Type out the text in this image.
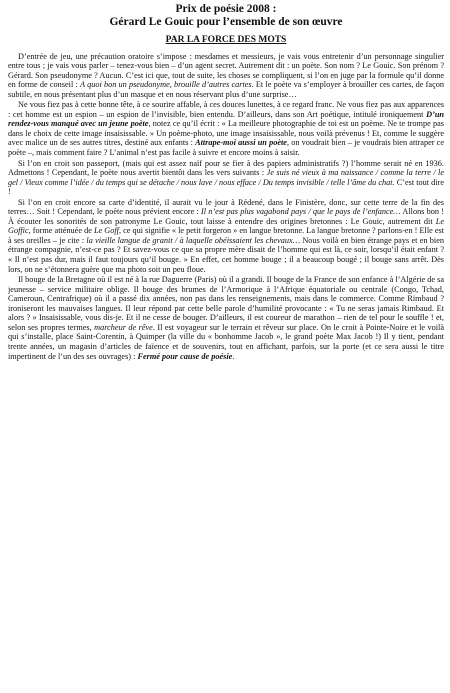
Prix de poésie 2008 :
Gérard Le Gouic pour l’ensemble de son œuvre
PAR LA FORCE DES MOTS

D’entrée de jeu, une précaution oratoire s’impose : mesdames et messieurs, je vais vous entretenir d’un personnage singulier entre tous ; je vais vous parler – tenez-vous bien – d’un agent secret. Autrement dit : un poète. Son nom ? Le Gouic. Son prénom ? Gérard. Son pseudonyme ? Aucun. C’est ici que, tout de suite, les choses se compliquent, si l’on en juge par la formule qu’il donne en forme de conseil : A quoi bon un pseudonyme, brouille d’autres cartes. Et le poète va s’employer à brouiller ces cartes, de façon subtile, en nous présentant plus d’un masque et en nous réservant plus d’une surprise…

Ne vous fiez pas à cette bonne tête, à ce sourire affable, à ces douces lunettes, à ce regard franc. Ne vous fiez pas aux apparences : cet homme est un espion – un espion de l’invisible, bien entendu. D’ailleurs, dans son Art poétique, intitulé ironiquement D’un rendez-vous manqué avec un jeune poète, notez ce qu’il écrit : « La meilleure photographie de toi est un poème. Ne te trompe pas dans le choix de cette image insaisissable. » Un poème-photo, une image insaisissable, nous voilà prévenus ! Et, comme le suggère avec malice un de ses autres titres, destiné aux enfants : Attrape-moi aussi un poète, on voudrait bien – je voudrais bien attraper ce poète –, mais comment faire ? L’animal n’est pas facile à suivre et encore moins à saisir.

Si l’on en croit son passeport, (mais qui est assez naïf pour se fier à des papiers administratifs ?) l’homme serait né en 1936. Admettons ! Cependant, le poète nous avertit bientôt dans les vers suivants : Je suis né vieux à ma naissance / comme la terre / le gel / Vieux comme l’idée / du temps qui se détache / nous lave / nous efface / Du temps invisible / telle l’âme du chat. C’est tout dire !

Si l’on en croit encore sa carte d’identité, il aurait vu le jour à Rédené, dans le Finistère, donc, sur cette terre de la fin des terres… Soit ! Cependant, le poète nous prévient encore : Il n’est pas plus vagabond pays / que le pays de l’enfance… Allons bon ! À écouter les sonorités de son patronyme Le Gouic, tout laisse à entendre des origines bretonnes : Le Gouic, autrement dit Le Goffic, forme atténuée de Le Goff, ce qui signifie « le petit forgeron » en langue bretonne. La langue bretonne ? parlons-en ! Elle est à ses oreilles – je cite : la vieille langue de granit / à laquelle obéissaient les chevaux… Nous voilà en bien étrange pays et en bien étrange compagnie, n’est-ce pas ? Et savez-vous ce que sa propre mère disait de l’homme qui est là, ce soir, lorsqu’il était enfant ? « Il n’est pas dur, mais il faut toujours qu’il bouge. » En effet, cet homme bouge ; il a beaucoup bougé ; il bouge sans arrêt. Dès lors, on ne s’étonnera guère que ma photo soit un peu floue.

Il bouge de la Bretagne où il est né à la rue Daguerre (Paris) où il a grandi. Il bouge de la France de son enfance à l’Algérie de sa jeunesse – service militaire oblige. Il bouge des brumes de l’Armorique à l’Afrique équatoriale ou centrale (Congo, Tchad, Cameroun, Centrafrique) où il a passé dix années, non pas dans les renseignements, mais dans le commerce. Comme Rimbaud ? ironiseront les mauvaises langues. Il leur répond par cette belle parole d’humilité provocante : « Tu ne seras jamais Rimbaud. Et alors ? » Insaisissable, vous dis-je. Et il ne cesse de bouger. D’ailleurs, il est coureur de marathon – rien de tel pour le souffle ! et, selon ses propres termes, marcheur de rêve. Il est voyageur sur le terrain et rêveur sur place. On le croit à Pointe-Noire et le voilà qui s’installe, place Saint-Corentin, à Quimper (la ville du « bonhomme Jacob », le grand poète Max Jacob !) Il y tient, pendant trente années, un magasin d’articles de faïence et de souvenirs, tout en affichant, parfois, sur la porte (et ce sera aussi le titre impertinent de l’un des ses ouvrages) : Fermé pour cause de poésie.
